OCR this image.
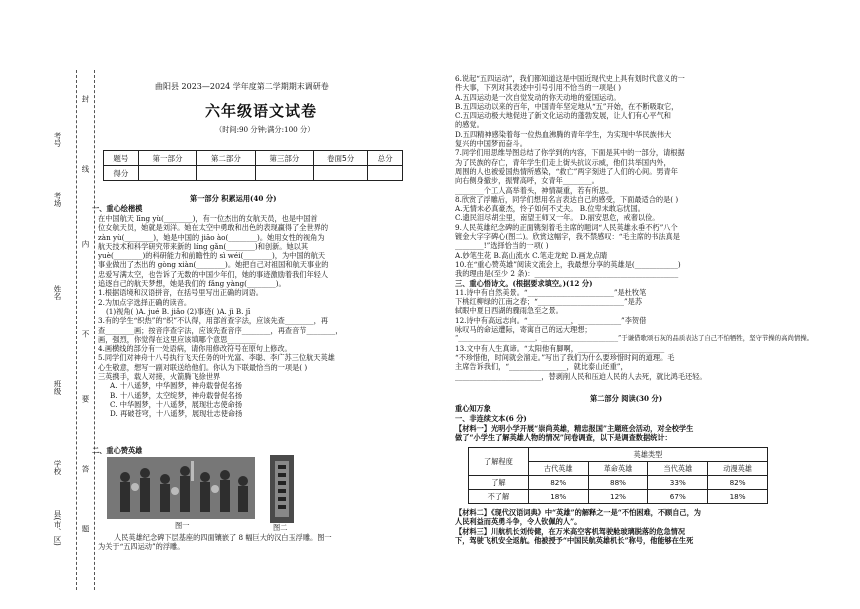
考号
考场
姓名
班级
学校
县(市、区)
封
线
内
不
要
答
题
曲阳县 2023—2024 学年度第二学期期末调研卷
六年级语文试卷
（时间:90 分钟;满分:100 分）
题号	第一部分	第二部分	第三部分	卷面5分	总分
得分					
第一部分 积累运用(40 分)
一、重心绘楷模
在中国航天 līng yù(________)，有一位杰出的女航天员，也是中国首
位女航天员，她就是刘洋。她在太空中勇敢和出色的表现赢得了全世界的
zàn yù(________)，她是中国的 jiāo ào(________)。她用女性的视角为
航天技术和科学研究带来新的 líng gǎn(________)和创新。她以其
yuè(________)的科研能力和前瞻性的 sì wéi(________)，为中国的航天
事业做出了杰出的 gòng xiàn(________)。她把自己对祖国和航天事业的
忠爱写满太空，也告诉了无数的中国少年们，她的事迹激励着我们年轻人
追逐自己的航天梦想，她是我们的 fǎng yàng(________)。
1.根据语境和汉语拼音，在括号里写出正确的词语。
2.为加点字选择正确的读音。
(1)视角( )A. jué B. jiǎo (2)事迹( )A. jì B. jī
3.有的学生“织热”的“织”不认得，用部首查字法，应该先查________，再
查________画；按音序查字法，应该先查音序________，再查音节________，
画，强烈，你觉得在这里应该填哪个意思________
4.画横线的部分有一处语病，请你用修改符号在原句上修改。
5.同学们对神舟十八号执行飞天任务的叶光富、李聪、李广苏三位航天英雄
心生敬意，想写一副对联送给他们。你认为下联最恰当的一项是( )
三英携手，载人对接，火箭腾飞徐世界
A. 十八遥梦，中华圆梦，神舟载誉促名扬
B. 十八遥梦，太空绽梦，神舟载誉促名扬
C. 中华圆梦，十八遥梦，展现壮志使命扬
D. 再破苍穹，十八遥梦，展现壮志使命扬
二、重心赞英雄
图一	图二
人民英雄纪念碑下层基座的四面镶嵌了 8 幅巨大的汉白玉浮雕。图一
为关于“五四运动”的浮雕。
6.说起“五四运动”，我们都知道这是中国近现代史上具有划时代意义的一
件大事，下列对其表述中引号引用不恰当的一项是( )
A.五四运动是一次自觉发动的你天动地的爱国运动。
B.五四运动以来的百年，中国青年坚定地从“五”开始，在不断吸取它，
C.五四运动极大地促进了新文化运动的蓬勃发展，让人们有心平气和
的感觉。
D.五四精神感染着每一位热血沸腾的青年学生，为实现中华民族伟大
复兴的中国梦而奋斗。
7.同学们用思维导图总结了你学到的内容，下面是其中的一部分，请根据
为了民族的存亡，青年学生们走上街头抗议示威，他们共举国内外，
周围的人也被爱国热情所感染，“救亡”两字刻进了人们的心间。男青年
向右侧身撤步，振臂高呼，女青年________。
________个工人高举着头，神情凝重，若有所思。
8.欣赏了浮雕后，同学们想用名言表达自己的感受，下面最适合的是( )
A.无情未必真豪杰，怜子如何不丈夫。 B.位卑未敢忘忧国。
C.遗民泪尽胡尘里，南望王师又一年。 D.丽安思危，戒奢以俭。
9.人民英雄纪念碑的正面镌刻着毛主席的题词“人民英雄永垂不朽”八个
镀金大字字碑心(图二)。欣赏这幅字，我不禁感叹：“毛主席的书法真是
________!”选择恰当的一项( )
A.妙笔生花 B.高山流水 C.笔走龙蛇 D.画龙点睛
10.在“重心赞英雄”阅读文流会上，我最想分享的英雄是(____________)
我的理由是(至少 2 条)：________________________________________
三、重心悟诗文。(根据要求填空。)(12 分)
11.诗中有自然美景。“________________________”是杜牧笔
下桃红柳绿的江南之春；“________________________”是苏
轼眼中夏日西湖的骤雨急至之景。
12.诗中有高远志向。“____________，____________”李贺借
咏叹马的命运遭际，寄寓自己的远大理想；
“________________________，________________________”于谦借歌颂石灰的品质表达了自己不怕牺牲，坚守节操的高尚情操。
13.文中有人生真谛。“太阳他有脚啊，________________________
“不珍惜他，时间就会溜走。”写出了我们为什么要珍惜时间的道理。毛
主席告诉我们，“________________，就比泰山还重”，
________________________，替剥削人民和压迫人民的人去死，就比鸿毛还轻。
第二部分 阅读(30 分)
重心知万象
一、非连续文本(6 分)
【材料一】光明小学开展“崇尚英雄，精忠报国”主题班会活动，对全校学生
做了“小学生了解英雄人物的情况”问卷调查，以下是调查数据统计：
了解程度	英雄类型			
	古代英雄	革命英雄	当代英雄	动漫英雄
了解	82%	88%	33%	82%
不了解	18%	12%	67%	18%
【材料二】《现代汉语词典》中“英雄”的解释之一是“不怕困难，不顾自己，为
人民利益而英勇斗争，令人钦佩的人”。
【材料三】川航机长刘传健，在万米高空客机驾驶舱玻璃脱落的危急情况
下，驾驶飞机安全返航。他被授予“中国民航英雄机长”称号，他能够在生死
